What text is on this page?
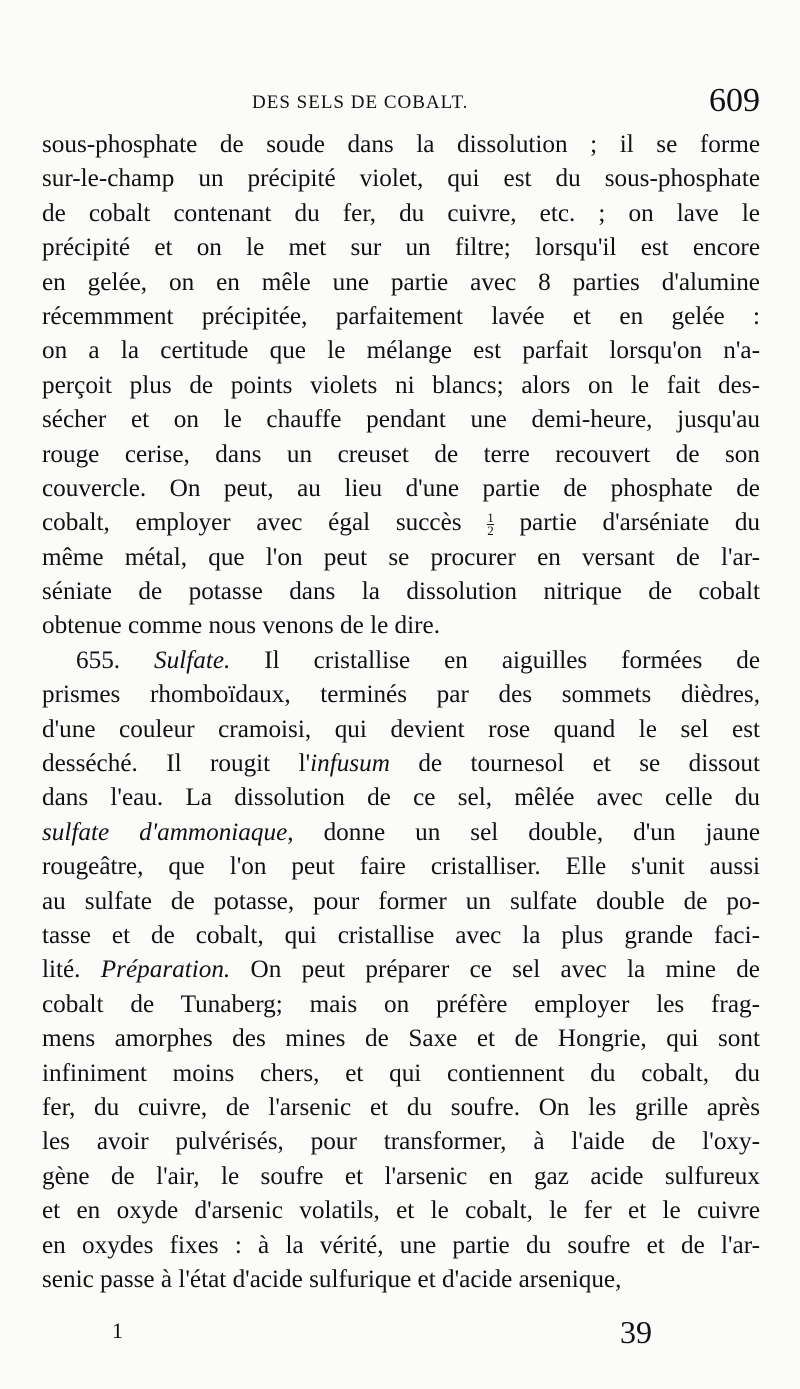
DES SELS DE COBALT.	609
sous-phosphate de soude dans la dissolution ; il se forme
sur-le-champ un précipité violet, qui est du sous-phosphate
de cobalt contenant du fer, du cuivre, etc. ; on lave le
précipité et on le met sur un filtre; lorsqu'il est encore
en gelée, on en mêle une partie avec 8 parties d'alumine
récemmment précipitée, parfaitement lavée et en gelée :
on a la certitude que le mélange est parfait lorsqu'on n'a-
perçoit plus de points violets ni blancs; alors on le fait des-
sécher et on le chauffe pendant une demi-heure, jusqu'au
rouge cerise, dans un creuset de terre recouvert de son
couvercle. On peut, au lieu d'une partie de phosphate de
cobalt, employer avec égal succès $\frac{1}{2}$ partie d'arséniate du
même métal, que l'on peut se procurer en versant de l'ar-
séniate de potasse dans la dissolution nitrique de cobalt
obtenue comme nous venons de le dire.
655. Sulfate. Il cristallise en aiguilles formées de
prismes rhomboïdaux, terminés par des sommets dièdres,
d'une couleur cramoisi, qui devient rose quand le sel est
desséché. Il rougit l'infusum de tournesol et se dissout
dans l'eau. La dissolution de ce sel, mêlée avec celle du
sulfate d'ammoniaque, donne un sel double, d'un jaune
rougeâtre, que l'on peut faire cristalliser. Elle s'unit aussi
au sulfate de potasse, pour former un sulfate double de po-
tasse et de cobalt, qui cristallise avec la plus grande faci-
lité. Préparation. On peut préparer ce sel avec la mine de
cobalt de Tunaberg; mais on préfère employer les frag-
mens amorphes des mines de Saxe et de Hongrie, qui sont
infiniment moins chers, et qui contiennent du cobalt, du
fer, du cuivre, de l'arsenic et du soufre. On les grille après
les avoir pulvérisés, pour transformer, à l'aide de l'oxy-
gène de l'air, le soufre et l'arsenic en gaz acide sulfureux
et en oxyde d'arsenic volatils, et le cobalt, le fer et le cuivre
en oxydes fixes : à la vérité, une partie du soufre et de l'ar-
senic passe à l'état d'acide sulfurique et d'acide arsenique,
1	39
